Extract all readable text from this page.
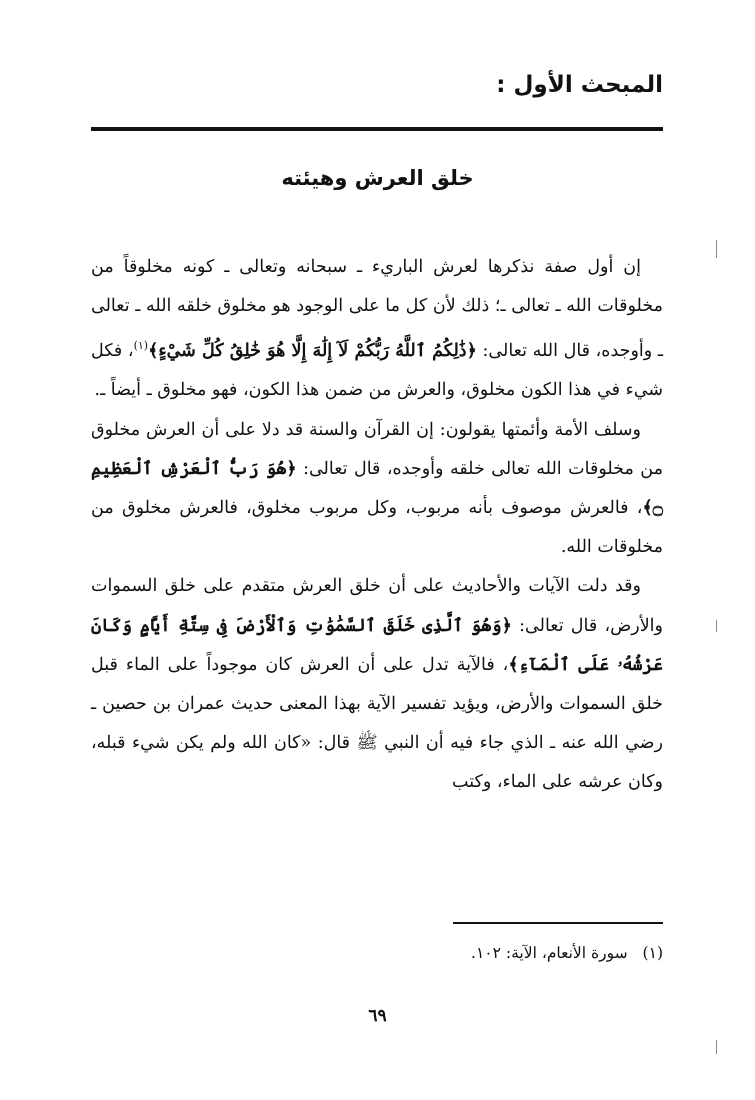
المبحث الأول :
خلق العرش وهيئته

إن أول صفة نذكرها لعرش الباريء ـ سبحانه وتعالى ـ كونه مخلوقاً من مخلوقات الله ـ تعالى ـ؛ ذلك لأن كل ما على الوجود هو مخلوق خلقه الله ـ تعالى ـ وأوجده، قال الله تعالى: ﴿ذَٰلِكُمُ ٱللَّهُ رَبُّكُمْ لَآ إِلَٰهَ إِلَّا هُوَ خَٰلِقُ كُلِّ شَيْءٍ﴾$^{(١)}$، فكل شيء في هذا الكون مخلوق، والعرش من ضمن هذا الكون، فهو مخلوق ـ أيضاً ـ.

وسلف الأمة وأئمتها يقولون: إن القرآن والسنة قد دلا على أن العرش مخلوق من مخلوقات الله تعالى خلقه وأوجده، قال تعالى: ﴿هُوَ رَبُّ ٱلْعَرْشِ ٱلْعَظِيمِ ۝﴾، فالعرش موصوف بأنه مربوب، وكل مربوب مخلوق، فالعرش مخلوق من مخلوقات الله.

وقد دلت الآيات والأحاديث على أن خلق العرش متقدم على خلق السموات والأرض، قال تعالى: ﴿وَهُوَ ٱلَّذِى خَلَقَ ٱلسَّمَٰوَٰتِ وَٱلْأَرْضَ فِى سِتَّةِ أَيَّامٍ وَكَانَ عَرْشُهُۥ عَلَى ٱلْمَآءِ﴾، فالآية تدل على أن العرش كان موجوداً على الماء قبل خلق السموات والأرض، ويؤيد تفسير الآية بهذا المعنى حديث عمران بن حصين ـ رضي الله عنه ـ الذي جاء فيه أن النبي ﷺ قال: «كان الله ولم يكن شيء قبله، وكان عرشه على الماء، وكتب

(١) سورة الأنعام، الآية: ١٠٢.

٦٩
